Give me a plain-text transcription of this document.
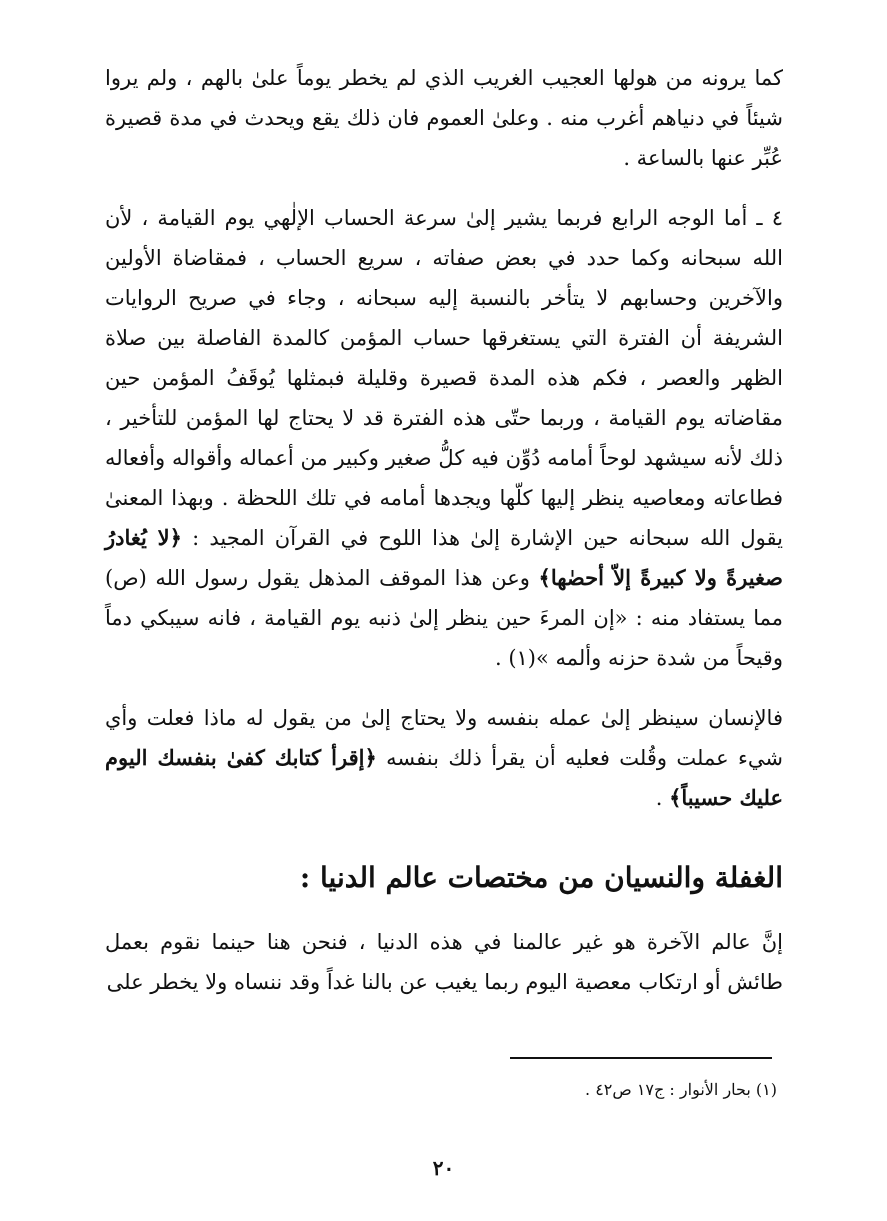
كما يرونه من هولها العجيب الغريب الذي لم يخطر يوماً علىٰ بالهم ، ولم يروا شيئاً في دنياهم أغرب منه . وعلىٰ العموم فان ذلك يقع ويحدث في مدة قصيرة عُبِّر عنها بالساعة .

٤ ـ أما الوجه الرابع فربما يشير إلىٰ سرعة الحساب الإلٰهي يوم القيامة ، لأن الله سبحانه وكما حدد في بعض صفاته ، سريع الحساب ، فمقاضاة الأولين والآخرين وحسابهم لا يتأخر بالنسبة إليه سبحانه ، وجاء في صريح الروايات الشريفة أن الفترة التي يستغرقها حساب المؤمن كالمدة الفاصلة بين صلاة الظهر والعصر ، فكم هذه المدة قصيرة وقليلة فبمثلها يُوقَفُ المؤمن حين مقاضاته يوم القيامة ، وربما حتّى هذه الفترة قد لا يحتاج لها المؤمن للتأخير ، ذلك لأنه سيشهد لوحاً أمامه دُوِّن فيه كلُّ صغير وكبير من أعماله وأقواله وأفعاله فطاعاته ومعاصيه ينظر إليها كلّها ويجدها أمامه في تلك اللحظة . وبهذا المعنىٰ يقول الله سبحانه حين الإشارة إلىٰ هذا اللوح في القرآن المجيد : ﴿لا يُغادرُ صغيرةً ولا كبيرةً إلاّ أحصٰها﴾ وعن هذا الموقف المذهل يقول رسول الله (ص) مما يستفاد منه : «إن المرءَ حين ينظر إلىٰ ذنبه يوم القيامة ، فانه سيبكي دماً وقيحاً من شدة حزنه وألمه »(١) .

فالإنسان سينظر إلىٰ عمله بنفسه ولا يحتاج إلىٰ من يقول له ماذا فعلت وأي شيء عملت وقُلت فعليه أن يقرأ ذلك بنفسه ﴿إقرأ كتابك كفىٰ بنفسك اليوم عليك حسيباً﴾ .

الغفلة والنسيان من مختصات عالم الدنيا :

إنَّ عالم الآخرة هو غير عالمنا في هذه الدنيا ، فنحن هنا حينما نقوم بعمل طائش أو ارتكاب معصية اليوم ربما يغيب عن بالنا غداً وقد ننساه ولا يخطر على

(١) بحار الأنوار : ج١٧ ص٤٢ .
٢٠
